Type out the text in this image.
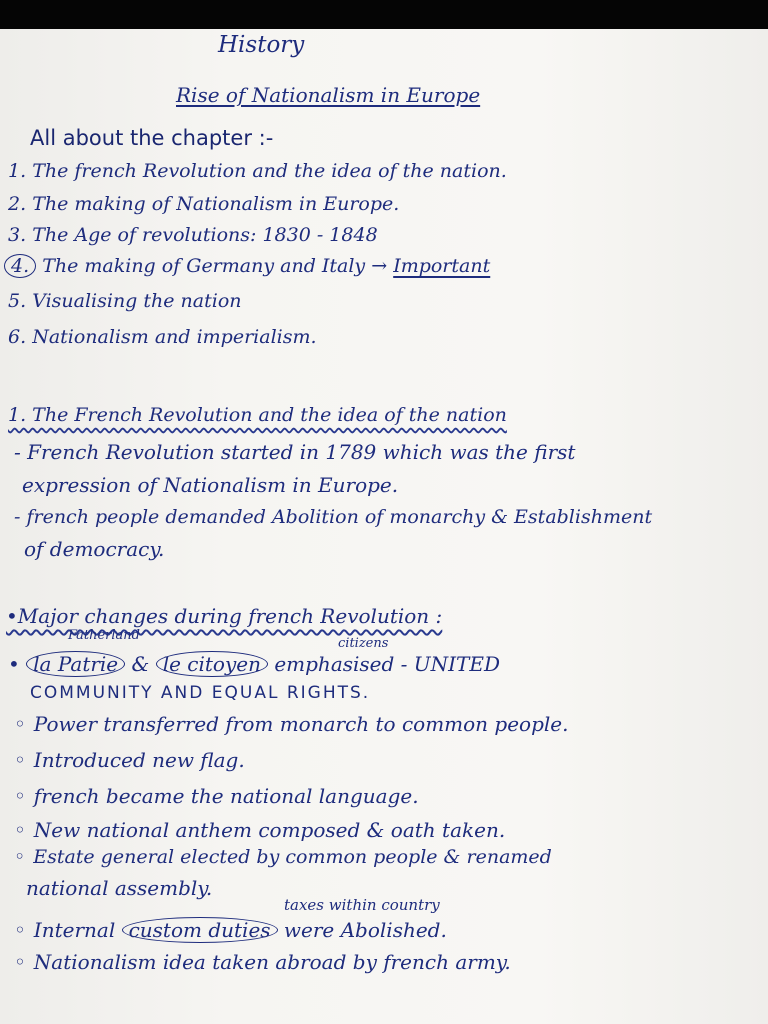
History
Rise of Nationalism in Europe
All about the chapter :-
1. The french Revolution and the idea of the nation.
2. The making of Nationalism in Europe.
3. The Age of revolutions: 1830 - 1848
4. The making of Germany and Italy → Important
5. Visualising the nation
6. Nationalism and imperialism.
1. The French Revolution and the idea of the nation
- French Revolution started in 1789 which was the first
expression of Nationalism in Europe.
- french people demanded Abolition of monarchy & Establishment
of democracy.
•Major changes during french Revolution :
Fatherland
citizens
• la Patrie & le citoyen emphasised - UNITED
COMMUNITY AND EQUAL RIGHTS.
◦ Power transferred from monarch to common people.
◦ Introduced new flag.
◦ french became the national language.
◦ New national anthem composed & oath taken.
◦ Estate general elected by common people & renamed
national assembly.
taxes within country
◦ Internal custom duties were Abolished.
◦ Nationalism idea taken abroad by french army.
